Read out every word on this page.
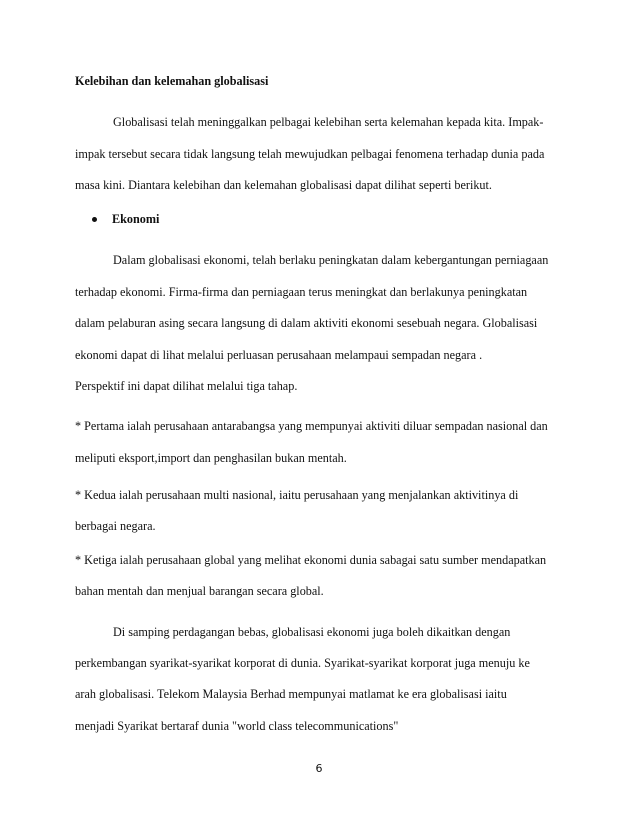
Kelebihan dan kelemahan globalisasi
Globalisasi telah meninggalkan pelbagai kelebihan serta kelemahan kepada kita. Impak-
impak tersebut secara tidak langsung telah mewujudkan pelbagai fenomena terhadap dunia pada
masa kini. Diantara kelebihan dan kelemahan globalisasi dapat dilihat seperti berikut.
Ekonomi
Dalam globalisasi ekonomi, telah berlaku peningkatan dalam kebergantungan perniagaan
terhadap ekonomi. Firma-firma dan perniagaan terus meningkat dan berlakunya peningkatan
dalam pelaburan asing secara langsung di dalam aktiviti ekonomi sesebuah negara. Globalisasi
ekonomi dapat di lihat melalui perluasan perusahaan melampaui sempadan negara .
Perspektif ini dapat dilihat melalui tiga tahap.
* Pertama ialah perusahaan antarabangsa yang mempunyai aktiviti diluar sempadan nasional dan
meliputi eksport,import dan penghasilan bukan mentah.
* Kedua ialah perusahaan multi nasional, iaitu perusahaan yang menjalankan aktivitinya di
berbagai negara.
* Ketiga ialah perusahaan global yang melihat ekonomi dunia sabagai satu sumber mendapatkan
bahan mentah dan menjual barangan secara global.
Di samping perdagangan bebas, globalisasi ekonomi juga boleh dikaitkan dengan
perkembangan syarikat-syarikat korporat di dunia. Syarikat-syarikat korporat juga menuju ke
arah globalisasi. Telekom Malaysia Berhad mempunyai matlamat ke era globalisasi iaitu
menjadi Syarikat bertaraf dunia "world class telecommunications"
6
